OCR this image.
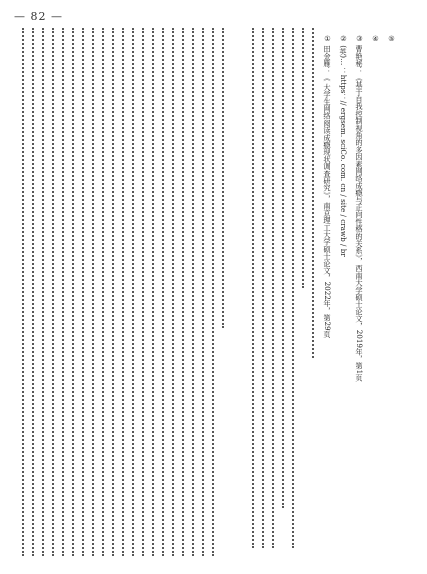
— 82 —
① 田金雁：《 大学生网络阅读成瘾现状调查研究》，南京理工大学硕士论文，2022年，第29页
② (英)… ：https：// ergsem. sciCo. com. cn / site / crawb / br
③ 曹艳秘：《基于自我控制视角的多因素网络成瘾与正向性格的关系》，西南大学硕士论文，2019年，第1页
④ ⑤
